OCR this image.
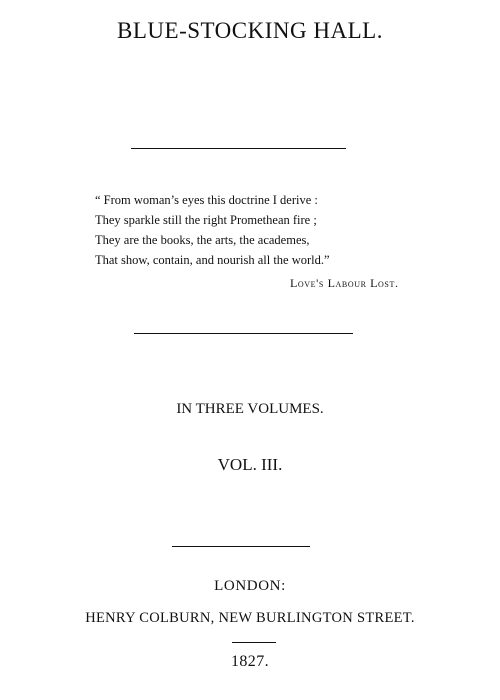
BLUE-STOCKING HALL.
“ From woman’s eyes this doctrine I derive :
They sparkle still the right Promethean fire ;
They are the books, the arts, the academes,
That show, contain, and nourish all the world.”
Love's Labour Lost.
IN THREE VOLUMES.
VOL. III.
LONDON:
HENRY COLBURN, NEW BURLINGTON STREET.
1827.
